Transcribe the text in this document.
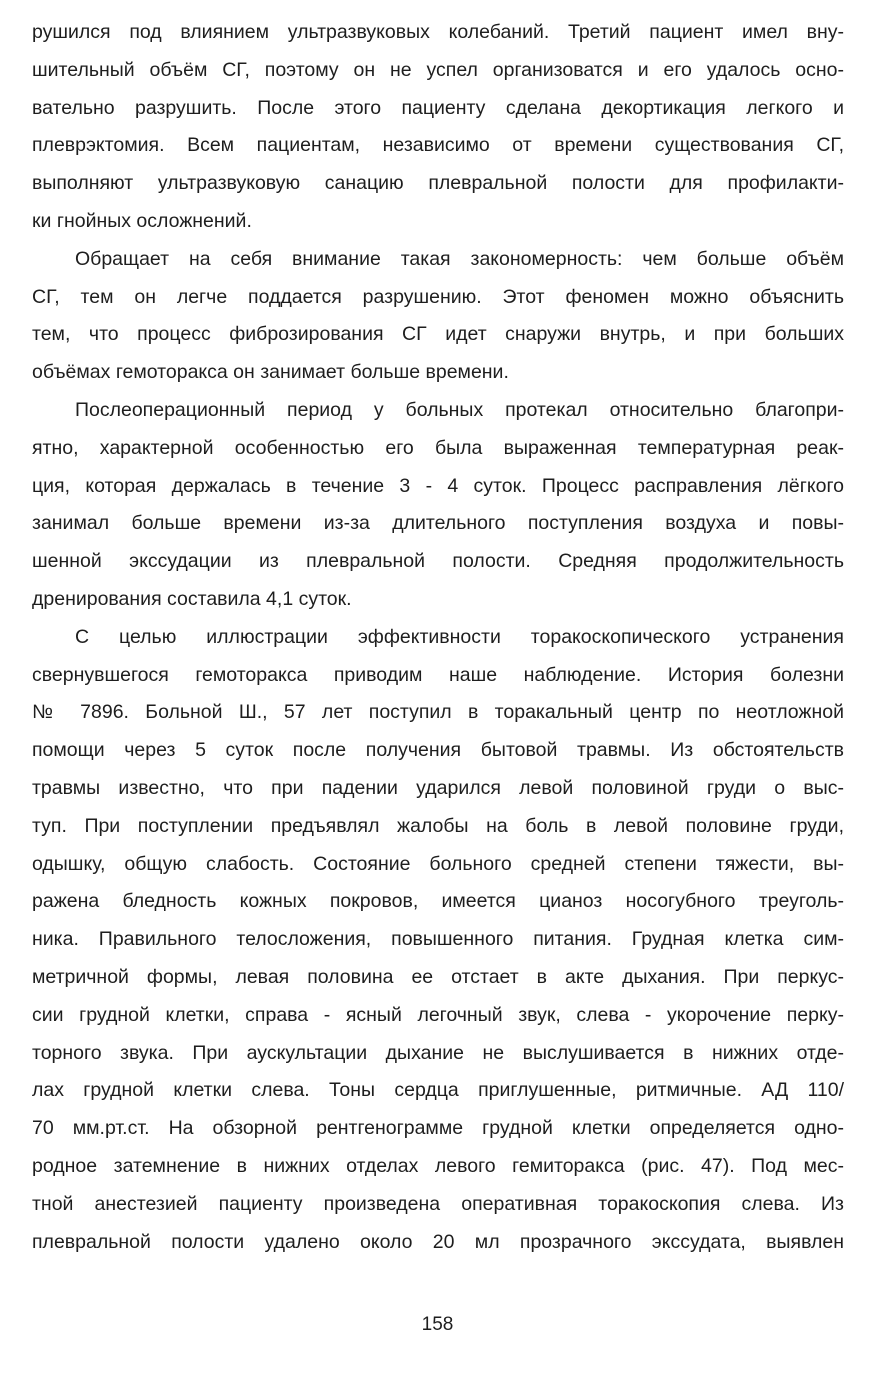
рушился под влиянием ультразвуковых колебаний. Третий пациент имел вну-
шительный объём СГ, поэтому он не успел организоватся и его удалось осно-
вательно разрушить. После этого пациенту сделана декортикация легкого и
плеврэктомия. Всем пациентам, независимо от времени существования СГ,
выполняют ультразвуковую санацию плевральной полости для профилакти-
ки гнойных осложнений.
Обращает на себя внимание такая закономерность: чем больше объём
СГ, тем он легче поддается разрушению. Этот феномен можно объяснить
тем, что процесс фиброзирования СГ идет снаружи внутрь, и при больших
объёмах гемоторакса он занимает больше времени.
Послеоперационный период у больных протекал относительно благопри-
ятно, характерной особенностью его была выраженная температурная реак-
ция, которая держалась в течение 3 - 4 суток. Процесс расправления лёгкого
занимал больше времени из-за длительного поступления воздуха и повы-
шенной экссудации из плевральной полости. Средняя продолжительность
дренирования составила 4,1 суток.
С целью иллюстрации эффективности торакоскопического устранения
свернувшегося гемоторакса приводим наше наблюдение. История болезни
№ 7896. Больной Ш., 57 лет поступил в торакальный центр по неотложной
помощи через 5 суток после получения бытовой травмы. Из обстоятельств
травмы известно, что при падении ударился левой половиной груди о выс-
туп. При поступлении предъявлял жалобы на боль в левой половине груди,
одышку, общую слабость. Состояние больного средней степени тяжести, вы-
ражена бледность кожных покровов, имеется цианоз носогубного треуголь-
ника. Правильного телосложения, повышенного питания. Грудная клетка сим-
метричной формы, левая половина ее отстает в акте дыхания. При перкус-
сии грудной клетки, справа - ясный легочный звук, слева - укорочение перку-
торного звука. При аускультации дыхание не выслушивается в нижних отде-
лах грудной клетки слева. Тоны сердца приглушенные, ритмичные. АД 110/
70 мм.рт.ст. На обзорной рентгенограмме грудной клетки определяется одно-
родное затемнение в нижних отделах левого гемиторакса (рис. 47). Под мес-
тной анестезией пациенту произведена оперативная торакоскопия слева. Из
плевральной полости удалено около 20 мл прозрачного экссудата, выявлен
158
